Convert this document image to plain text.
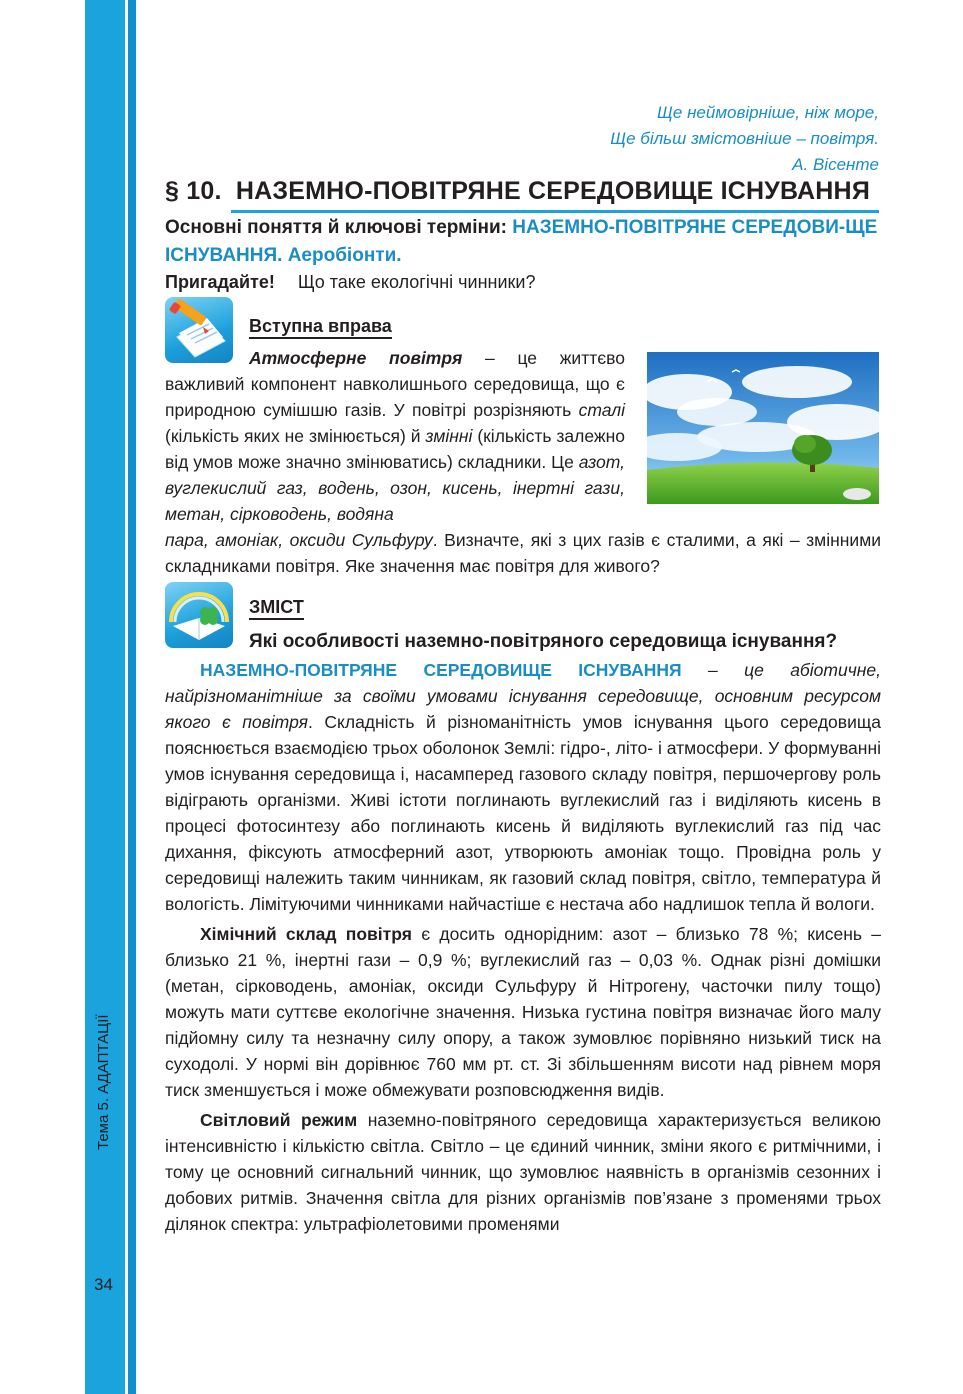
Тема 5. АДАПТАЦІЇ
34
Ще неймовірніше, ніж море,
Ще більш змістовніше – повітря.
А. Вісенте
§ 10. НАЗЕМНО-ПОВІТРЯНЕ СЕРЕДОВИЩЕ ІСНУВАННЯ
Основні поняття й ключові терміни: НАЗЕМНО-ПОВІТРЯНЕ СЕРЕДОВИ-ЩЕ ІСНУВАННЯ. Аеробіонти.
Пригадайте! Що таке екологічні чинники?
Вступна вправа

Атмосферне повітря – це життєво важливий компонент навколишнього середовища, що є природною сумішшю газів. У повітрі розрізняють сталі (кількість яких не змінюється) й змінні (кількість залежно від умов може значно змінюватись) складники. Це азот, вуглекислий газ, водень, озон, кисень, інертні гази, метан, сірководень, водяна

пара, амоніак, оксиди Сульфуру. Визначте, які з цих газів є сталими, а які – змінними складниками повітря. Яке значення має повітря для живого?

ЗМІСТ
Які особливості наземно-повітряного середовища існування?

НАЗЕМНО-ПОВІТРЯНЕ СЕРЕДОВИЩЕ ІСНУВАННЯ – це абіотичне, найрізноманітніше за своїми умовами існування середовище, основним ресурсом якого є повітря. Складність й різноманітність умов існування цього середовища пояснюється взаємодією трьох оболонок Землі: гідро-, літо- і атмосфери. У формуванні умов існування середовища і, насамперед газового складу повітря, першочергову роль відіграють організми. Живі істоти поглинають вуглекислий газ і виділяють кисень в процесі фотосинтезу або поглинають кисень й виділяють вуглекислий газ під час дихання, фіксують атмосферний азот, утворюють амоніак тощо. Провідна роль у середовищі належить таким чинникам, як газовий склад повітря, світло, температура й вологість. Лімітуючими чинниками найчастіше є нестача або надлишок тепла й вологи.

Хімічний склад повітря є досить однорідним: азот – близько 78 %; кисень – близько 21 %, інертні гази – 0,9 %; вуглекислий газ – 0,03 %. Однак різні домішки (метан, сірководень, амоніак, оксиди Сульфуру й Нітрогену, часточки пилу тощо) можуть мати суттєве екологічне значення. Низька густина повітря визначає його малу підйомну силу та незначну силу опору, а також зумовлює порівняно низький тиск на суходолі. У нормі він дорівнює 760 мм рт. ст. Зі збільшенням висоти над рівнем моря тиск зменшується і може обмежувати розповсюдження видів.

Світловий режим наземно-повітряного середовища характеризується великою інтенсивністю і кількістю світла. Світло – це єдиний чинник, зміни якого є ритмічними, і тому це основний сигнальний чинник, що зумовлює наявність в організмів сезонних і добових ритмів. Значення світла для різних організмів пов’язане з променями трьох ділянок спектра: ультрафіолетовими променями
